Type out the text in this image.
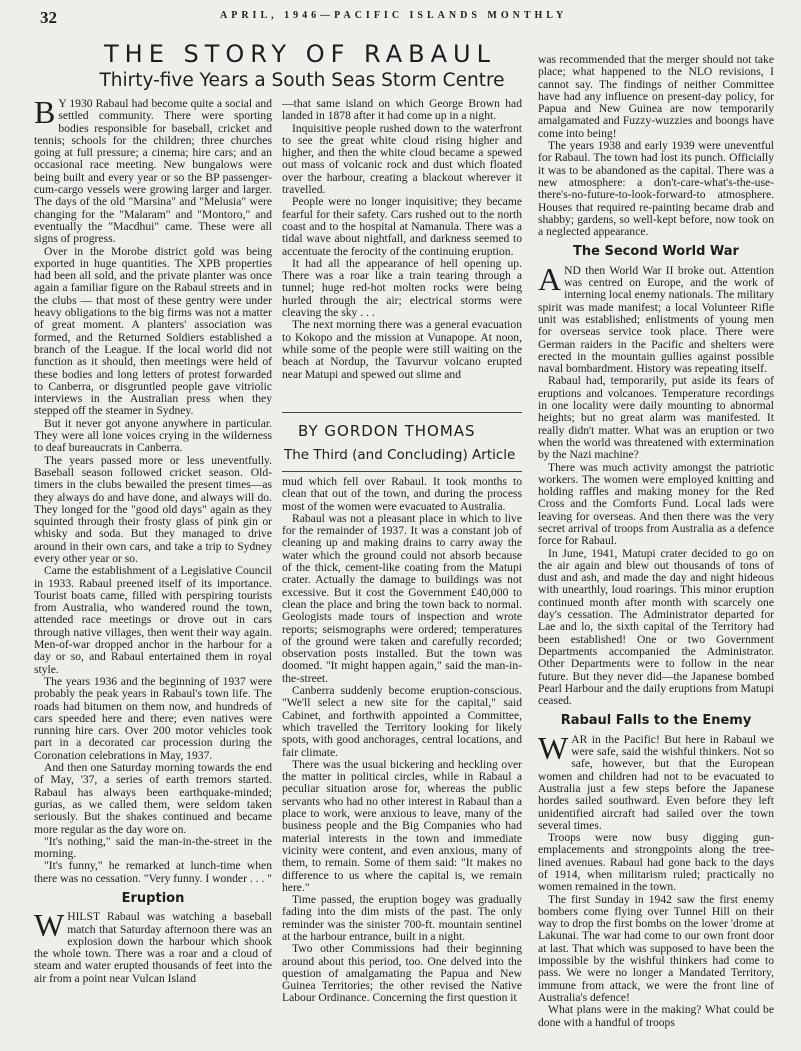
32	APRIL, 1946—PACIFIC ISLANDS MONTHLY
THE STORY OF RABAUL
Thirty-five Years a South Seas Storm Centre

B Y 1930 Rabaul had become quite a social and settled community. There were sporting bodies responsible for baseball, cricket and tennis; schools for the children; three churches going at full pressure; a cinema; hire cars; and an occasional race meeting. New bungalows were being built and every year or so the BP passenger-cum-cargo vessels were growing larger and larger. The days of the old "Marsina" and "Melusia" were changing for the "Malaram" and "Montoro," and eventually the "Macdhui" came. These were all signs of progress.

Over in the Morobe district gold was being exported in huge quantities. The XPB properties had been all sold, and the private planter was once again a familiar figure on the Rabaul streets and in the clubs — that most of these gentry were under heavy obligations to the big firms was not a matter of great moment. A planters' association was formed, and the Returned Soldiers established a branch of the League. If the local world did not function as it should, then meetings were held of these bodies and long letters of protest forwarded to Canberra, or disgruntled people gave vitriolic interviews in the Australian press when they stepped off the steamer in Sydney.

But it never got anyone anywhere in particular. They were all lone voices crying in the wilderness to deaf bureaucrats in Canberra.

The years passed more or less uneventfully. Baseball season followed cricket season. Old-timers in the clubs bewailed the present times—as they always do and have done, and always will do. They longed for the "good old days" again as they squinted through their frosty glass of pink gin or whisky and soda. But they managed to drive around in their own cars, and take a trip to Sydney every other year or so.

Came the establishment of a Legislative Council in 1933. Rabaul preened itself of its importance. Tourist boats came, filled with perspiring tourists from Australia, who wandered round the town, attended race meetings or drove out in cars through native villages, then went their way again. Men-of-war dropped anchor in the harbour for a day or so, and Rabaul entertained them in royal style.

The years 1936 and the beginning of 1937 were probably the peak years in Rabaul's town life. The roads had bitumen on them now, and hundreds of cars speeded here and there; even natives were running hire cars. Over 200 motor vehicles took part in a decorated car procession during the Coronation celebrations in May, 1937.

And then one Saturday morning towards the end of May, '37, a series of earth tremors started. Rabaul has always been earthquake-minded; gurias, as we called them, were seldom taken seriously. But the shakes continued and became more regular as the day wore on.

"It's nothing," said the man-in-the-street in the morning.

"It's funny," he remarked at lunch-time when there was no cessation. "Very funny. I wonder . . . "

Eruption

WHILST Rabaul was watching a baseball match that Saturday afternoon there was an explosion down the harbour which shook the whole town. There was a roar and a cloud of steam and water erupted thousands of feet into the air from a point near Vulcan Island

—that same island on which George Brown had landed in 1878 after it had come up in a night.

Inquisitive people rushed down to the waterfront to see the great white cloud rising higher and higher, and then the white cloud became a spewed out mass of volcanic rock and dust which floated over the harbour, creating a blackout wherever it travelled.

People were no longer inquisitive; they became fearful for their safety. Cars rushed out to the north coast and to the hospital at Namanula. There was a tidal wave about nightfall, and darkness seemed to accentuate the ferocity of the continuing eruption.

It had all the appearance of hell opening up. There was a roar like a train tearing through a tunnel; huge red-hot molten rocks were being hurled through the air; electrical storms were cleaving the sky . . .

The next morning there was a general evacuation to Kokopo and the mission at Vunapope. At noon, while some of the people were still waiting on the beach at Nordup, the Tavurvur volcano erupted near Matupi and spewed out slime and

BY GORDON THOMAS
The Third (and Concluding) Article

mud which fell over Rabaul. It took months to clean that out of the town, and during the process most of the women were evacuated to Australia.

Rabaul was not a pleasant place in which to live for the remainder of 1937. It was a constant job of cleaning up and making drains to carry away the water which the ground could not absorb because of the thick, cement-like coating from the Matupi crater. Actually the damage to buildings was not excessive. But it cost the Government £40,000 to clean the place and bring the town back to normal. Geologists made tours of inspection and wrote reports; seismographs were ordered; temperatures of the ground were taken and carefully recorded; observation posts installed. But the town was doomed. "It might happen again," said the man-in-the-street.

Canberra suddenly become eruption-conscious. "We'll select a new site for the capital," said Cabinet, and forthwith appointed a Committee, which travelled the Territory looking for likely spots, with good anchorages, central locations, and fair climate.

There was the usual bickering and heckling over the matter in political circles, while in Rabaul a peculiar situation arose for, whereas the public servants who had no other interest in Rabaul than a place to work, were anxious to leave, many of the business people and the Big Companies who had material interests in the town and immediate vicinity were content, and even anxious, many of them, to remain. Some of them said: "It makes no difference to us where the capital is, we remain here."

Time passed, the eruption bogey was gradually fading into the dim mists of the past. The only reminder was the sinister 700-ft. mountain sentinel at the harbour entrance, built in a night.

Two other Commissions had their beginning around about this period, too. One delved into the question of amalgamating the Papua and New Guinea Territories; the other revised the Native Labour Ordinance. Concerning the first question it

was recommended that the merger should not take place; what happened to the NLO revisions, I cannot say. The findings of neither Committee have had any influence on present-day policy, for Papua and New Guinea are now temporarily amalgamated and Fuzzy-wuzzies and boongs have come into being!

The years 1938 and early 1939 were uneventful for Rabaul. The town had lost its punch. Officially it was to be abandoned as the capital. There was a new atmosphere: a don't-care-what's-the-use-there's-no-future-to-look-forward-to atmosphere. Houses that required re-painting became drab and shabby; gardens, so well-kept before, now took on a neglected appearance.

The Second World War

AND then World War II broke out. Attention was centred on Europe, and the work of interning local enemy nationals. The military spirit was made manifest; a local Volunteer Rifle unit was established; enlistments of young men for overseas service took place. There were German raiders in the Pacific and shelters were erected in the mountain gullies against possible naval bombardment. History was repeating itself.

Rabaul had, temporarily, put aside its fears of eruptions and volcanoes. Temperature recordings in one locality were daily mounting to abnormal heights; but no great alarm was manifested. It really didn't matter. What was an eruption or two when the world was threatened with extermination by the Nazi machine?

There was much activity amongst the patriotic workers. The women were employed knitting and holding raffles and making money for the Red Cross and the Comforts Fund. Local lads were leaving for overseas. And then there was the very secret arrival of troops from Australia as a defence force for Rabaul.

In June, 1941, Matupi crater decided to go on the air again and blew out thousands of tons of dust and ash, and made the day and night hideous with unearthly, loud roarings. This minor eruption continued month after month with scarcely one day's cessation. The Administrator departed for Lae and lo, the sixth capital of the Territory had been established! One or two Government Departments accompanied the Administrator. Other Departments were to follow in the near future. But they never did—the Japanese bombed Pearl Harbour and the daily eruptions from Matupi ceased.

Rabaul Falls to the Enemy

WAR in the Pacific! But here in Rabaul we were safe, said the wishful thinkers. Not so safe, however, but that the European women and children had not to be evacuated to Australia just a few steps before the Japanese hordes sailed southward. Even before they left unidentified aircraft had sailed over the town several times.

Troops were now busy digging gun-emplacements and strongpoints along the tree-lined avenues. Rabaul had gone back to the days of 1914, when militarism ruled; practically no women remained in the town.

The first Sunday in 1942 saw the first enemy bombers come flying over Tunnel Hill on their way to drop the first bombs on the lower 'drome at Lakunai. The war had come to our own front door at last. That which was supposed to have been the impossible by the wishful thinkers had come to pass. We were no longer a Mandated Territory, immune from attack, we were the front line of Australia's defence!

What plans were in the making? What could be done with a handful of troops
